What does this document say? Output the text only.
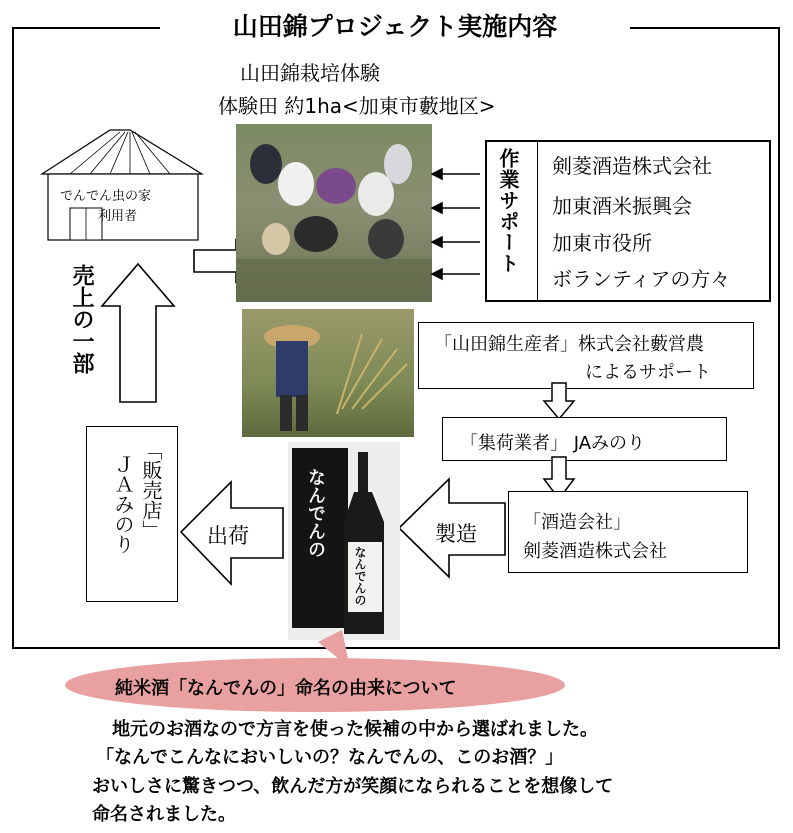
山田錦プロジェクト実施内容
山田錦栽培体験
体験田 約1ha<加東市藪地区>
でんでん虫の家
利用者	作業サポート 剣菱酒造株式会社
加東酒米振興会
加東市役所
ボランティアの方々
売上の一部	「山田錦生産者」株式会社藪営農
によるサポート
「集荷業者」 JAみのり
「酒造会社」
剣菱酒造株式会社
製造
なんでんの
なんでんの
出荷
「販売店」
ＪＡみのり
純米酒「なんでんの」命名の由来について
地元のお酒なので方言を使った候補の中から選ばれました。
「なんでこんなにおいしいの？なんでんの、このお酒？」
おいしさに驚きつつ、飲んだ方が笑顔になられることを想像して
命名されました。
